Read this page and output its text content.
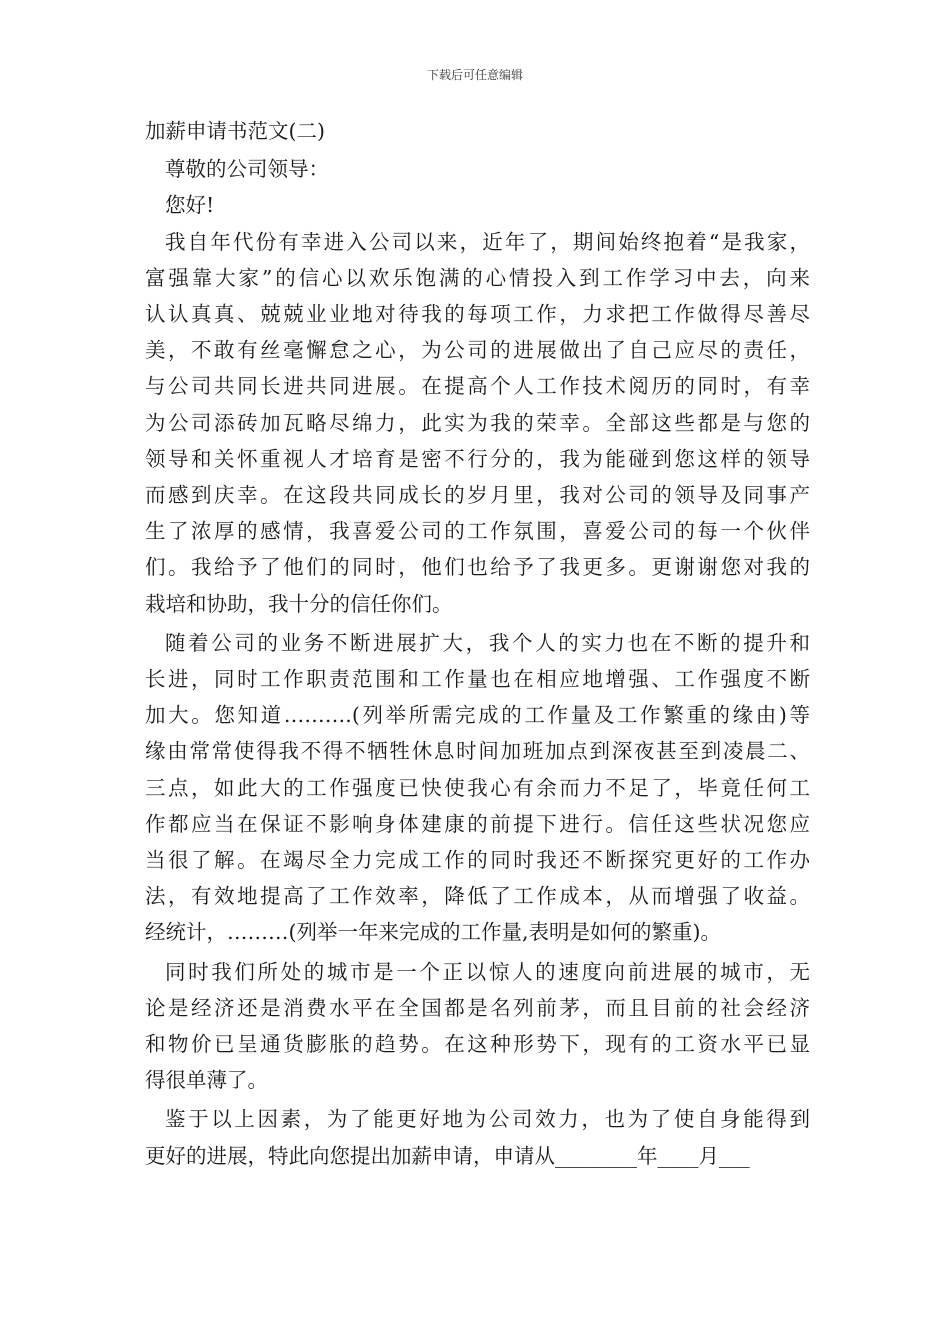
下载后可任意编辑

加薪申请书范文(二)

尊敬的公司领导：

您好!

我自年代份有幸进入公司以来，近年了，期间始终抱着“是我家，

富强靠大家”的信心以欢乐饱满的心情投入到工作学习中去，向来

认认真真、兢兢业业地对待我的每项工作，力求把工作做得尽善尽

美，不敢有丝毫懈怠之心，为公司的进展做出了自己应尽的责任，

与公司共同长进共同进展。在提高个人工作技术阅历的同时，有幸

为公司添砖加瓦略尽绵力，此实为我的荣幸。全部这些都是与您的

领导和关怀重视人才培育是密不行分的，我为能碰到您这样的领导

而感到庆幸。在这段共同成长的岁月里，我对公司的领导及同事产

生了浓厚的感情，我喜爱公司的工作氛围，喜爱公司的每一个伙伴

们。我给予了他们的同时，他们也给予了我更多。更谢谢您对我的

栽培和协助，我十分的信任你们。

随着公司的业务不断进展扩大，我个人的实力也在不断的提升和

长进，同时工作职责范围和工作量也在相应地增强、工作强度不断

加大。您知道……….(列举所需完成的工作量及工作繁重的缘由)等

缘由常常使得我不得不牺牲休息时间加班加点到深夜甚至到凌晨二、

三点，如此大的工作强度已快使我心有余而力不足了，毕竟任何工

作都应当在保证不影响身体建康的前提下进行。信任这些状况您应

当很了解。在竭尽全力完成工作的同时我还不断探究更好的工作办

法，有效地提高了工作效率，降低了工作成本，从而增强了收益。

经统计，………(列举一年来完成的工作量,表明是如何的繁重)。

同时我们所处的城市是一个正以惊人的速度向前进展的城市，无

论是经济还是消费水平在全国都是名列前茅，而且目前的社会经济

和物价已呈通货膨胀的趋势。在这种形势下，现有的工资水平已显

得很单薄了。

鉴于以上因素，为了能更好地为公司效力，也为了使自身能得到

更好的进展，特此向您提出加薪申请，申请从________年____月___
